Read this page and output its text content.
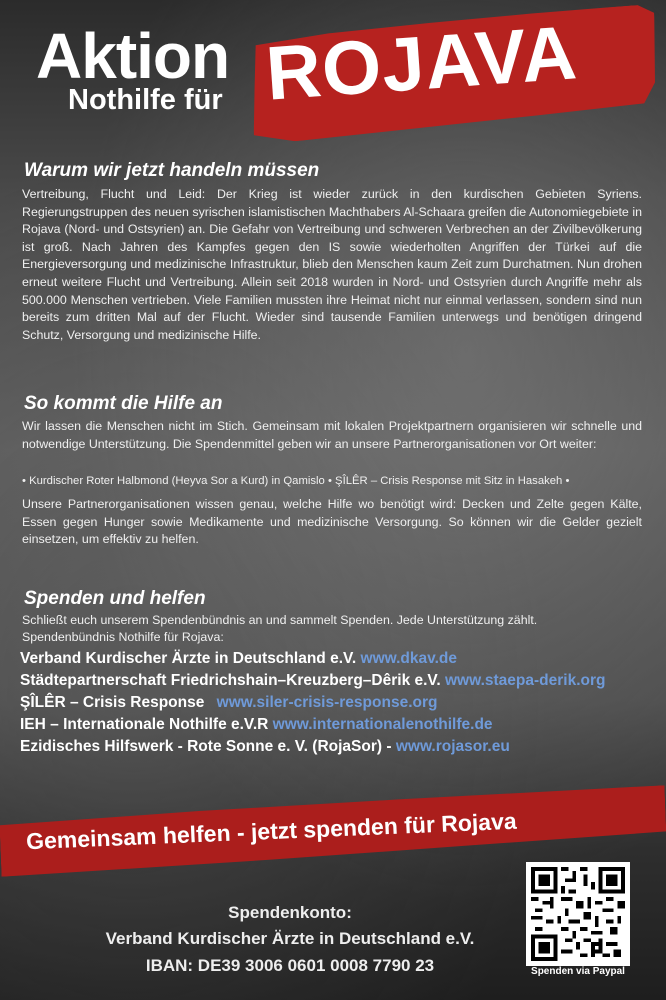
Aktion
Nothilfe für ROJAVA
Warum wir jetzt handeln müssen
Vertreibung, Flucht und Leid: Der Krieg ist wieder zurück in den kurdischen Gebieten Syriens. Regierungstruppen des neuen syrischen islamistischen Machthabers Al-Schaara greifen die Autonomiegebiete in Rojava (Nord- und Ostsyrien) an. Die Gefahr von Vertreibung und schweren Verbrechen an der Zivilbevölkerung ist groß. Nach Jahren des Kampfes gegen den IS sowie wiederholten Angriffen der Türkei auf die Energieversorgung und medizinische Infrastruktur, blieb den Menschen kaum Zeit zum Durchatmen. Nun drohen erneut weitere Flucht und Vertreibung. Allein seit 2018 wurden in Nord- und Ostsyrien durch Angriffe mehr als 500.000 Menschen vertrieben. Viele Familien mussten ihre Heimat nicht nur einmal verlassen, sondern sind nun bereits zum dritten Mal auf der Flucht. Wieder sind tausende Familien unterwegs und benötigen dringend Schutz, Versorgung und medizinische Hilfe.
So kommt die Hilfe an
Wir lassen die Menschen nicht im Stich. Gemeinsam mit lokalen Projektpartnern organisieren wir schnelle und notwendige Unterstützung. Die Spendenmittel geben wir an unsere Partnerorganisationen vor Ort weiter:
• Kurdischer Roter Halbmond (Heyva Sor a Kurd) in Qamislo • ŞÎLÊR – Crisis Response mit Sitz in Hasakeh •
Unsere Partnerorganisationen wissen genau, welche Hilfe wo benötigt wird: Decken und Zelte gegen Kälte, Essen gegen Hunger sowie Medikamente und medizinische Versorgung. So können wir die Gelder gezielt einsetzen, um effektiv zu helfen.
Spenden und helfen
Schließt euch unserem Spendenbündnis an und sammelt Spenden. Jede Unterstützung zählt.
Spendenbündnis Nothilfe für Rojava:
Verband Kurdischer Ärzte in Deutschland e.V. www.dkav.de
Städtepartnerschaft Friedrichshain–Kreuzberg–Dêrik e.V. www.staepa-derik.org
ŞÎLÊR – Crisis Response www.siler-crisis-response.org
IEH – Internationale Nothilfe e.V.R www.internationalenothilfe.de
Ezidisches Hilfswerk - Rote Sonne e. V. (RojaSor) - www.rojasor.eu
Gemeinsam helfen - jetzt spenden für Rojava
Spendenkonto:
Verband Kurdischer Ärzte in Deutschland e.V.
IBAN: DE39 3006 0601 0008 7790 23	Spenden via Paypal
